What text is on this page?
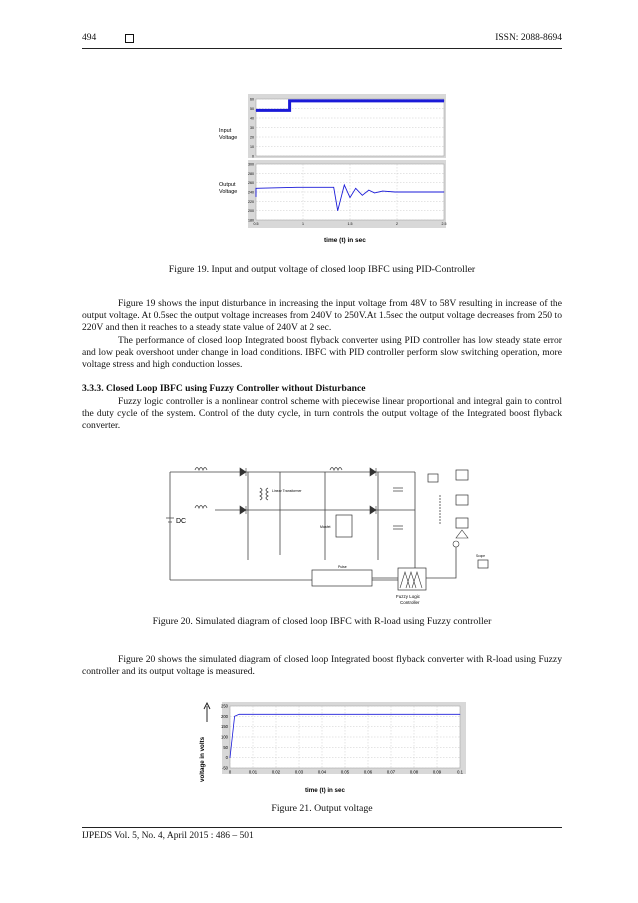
494	ISSN: 2088-8694
Input
Voltage
Output
Voltage
60
50
40
30
20
10
0
300
280
260
240
220
200
180
0.5	1	1.5	2	2.5
time (t) in sec
Figure 19. Input and output voltage of closed loop IBFC using PID-Controller

Figure 19 shows the input disturbance in increasing the input voltage from 48V to 58V resulting in increase of the output voltage. At 0.5sec the output voltage increases from 240V to 250V.At 1.5sec the output voltage decreases from 250 to 220V and then it reaches to a steady state value of 240V at 2 sec.

The performance of closed loop Integrated boost flyback converter using PID controller has low steady state error and low peak overshoot under change in load conditions. IBFC with PID controller perform slow switching operation, more voltage stress and high conduction losses.

3.3.3. Closed Loop IBFC using Fuzzy Controller without Disturbance

Fuzzy logic controller is a nonlinear control scheme with piecewise linear proportional and integral gain to control the duty cycle of the system. Control of the duty cycle, in turn controls the output voltage of the Integrated boost flyback converter.

DC
Linear Transformer
Mosfet
Scope
Pulse
Fuzzy Logic
Controller
Figure 20. Simulated diagram of closed loop IBFC with R-load using Fuzzy controller

Figure 20 shows the simulated diagram of closed loop Integrated boost flyback converter with R-load using Fuzzy controller and its output voltage is measured.

voltage in volts
250
200
150
100
50
0
-50
0	0.01	0.02	0.03	0.04	0.05	0.06	0.07	0.08	0.09	0.1
time (t) in sec
Figure 21. Output voltage
IJPEDS Vol. 5, No. 4, April 2015 : 486 – 501
